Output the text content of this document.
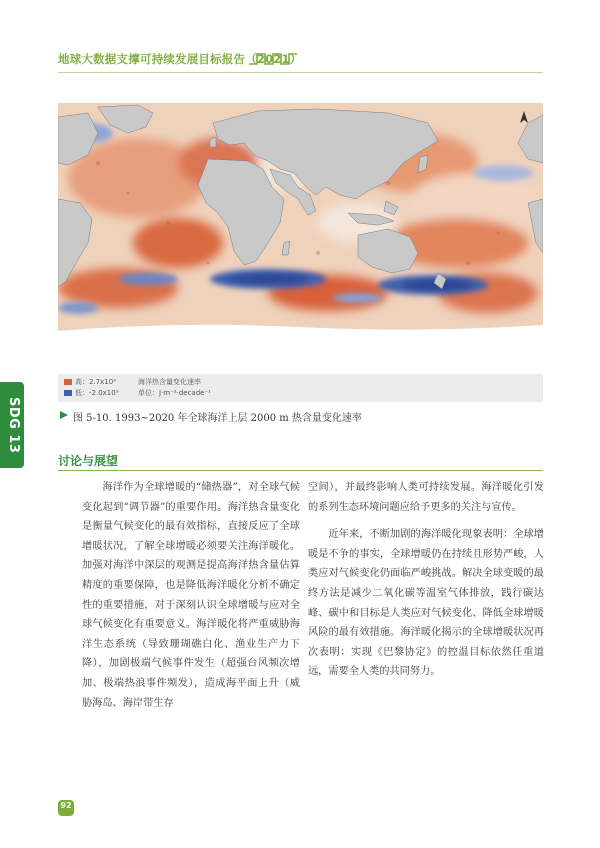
地球大数据支撑可持续发展目标报告（2021）
高：2.7x10⁹
低：-2.0x10⁹
海洋热含量变化速率
单位：J·m⁻²·decade⁻¹
图 5-10. 1993~2020 年全球海洋上层 2000 m 热含量变化速率
SDG 13
讨论与展望

海洋作为全球增暖的“储热器”，对全球气候变化起到“调节器”的重要作用。海洋热含量变化是衡量气候变化的最有效指标，直接反应了全球增暖状况，了解全球增暖必须要关注海洋暖化。加强对海洋中深层的观测是提高海洋热含量估算精度的重要保障，也是降低海洋暖化分析不确定性的重要措施，对于深刻认识全球增暖与应对全球气候变化有重要意义。海洋暖化将严重威胁海洋生态系统（导致珊瑚礁白化、渔业生产力下降），加剧极端气候事件发生（超强台风频次增加、极端热浪事件频发），造成海平面上升（威胁海岛、海岸带生存

空间），并最终影响人类可持续发展。海洋暖化引发的系列生态环境问题应给予更多的关注与宣传。

近年来，不断加剧的海洋暖化现象表明：全球增暖是不争的事实，全球增暖仍在持续且形势严峻，人类应对气候变化仍面临严峻挑战。解决全球变暖的最终方法是减少二氧化碳等温室气体排放，践行碳达峰、碳中和目标是人类应对气候变化、降低全球增暖风险的最有效措施。海洋暖化揭示的全球增暖状况再次表明：实现《巴黎协定》的控温目标依然任重道远，需要全人类的共同努力。

92
